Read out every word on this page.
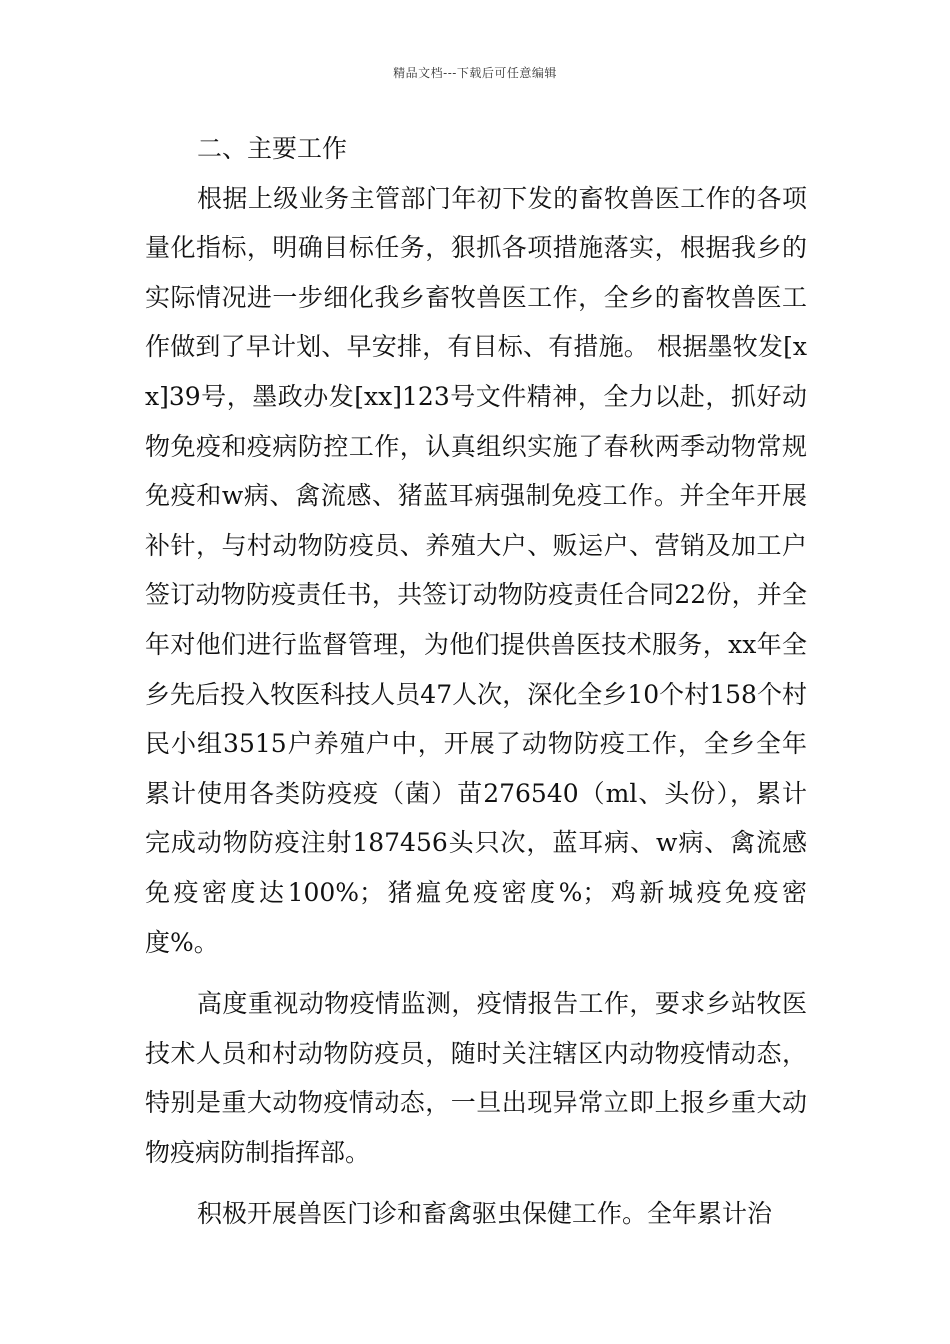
精品文档---下载后可任意编辑

二、主要工作

根据上级业务主管部门年初下发的畜牧兽医工作的各项量化指标，明确目标任务，狠抓各项措施落实，根据我乡的实际情况进一步细化我乡畜牧兽医工作，全乡的畜牧兽医工作做到了早计划、早安排，有目标、有措施。 根据墨牧发[xx]39号，墨政办发[xx]123号文件精神，全力以赴，抓好动物免疫和疫病防控工作，认真组织实施了春秋两季动物常规免疫和w病、禽流感、猪蓝耳病强制免疫工作。并全年开展补针，与村动物防疫员、养殖大户、贩运户、营销及加工户签订动物防疫责任书，共签订动物防疫责任合同22份，并全年对他们进行监督管理，为他们提供兽医技术服务，xx年全乡先后投入牧医科技人员47人次，深化全乡10个村158个村民小组3515户养殖户中，开展了动物防疫工作，全乡全年累计使用各类防疫疫（菌）苗276540（ml、头份），累计完成动物防疫注射187456头只次，蓝耳病、w病、禽流感免疫密度达100%；猪瘟免疫密度%；鸡新城疫免疫密度%。

高度重视动物疫情监测，疫情报告工作，要求乡站牧医技术人员和村动物防疫员，随时关注辖区内动物疫情动态，特别是重大动物疫情动态，一旦出现异常立即上报乡重大动物疫病防制指挥部。

积极开展兽医门诊和畜禽驱虫保健工作。全年累计治
